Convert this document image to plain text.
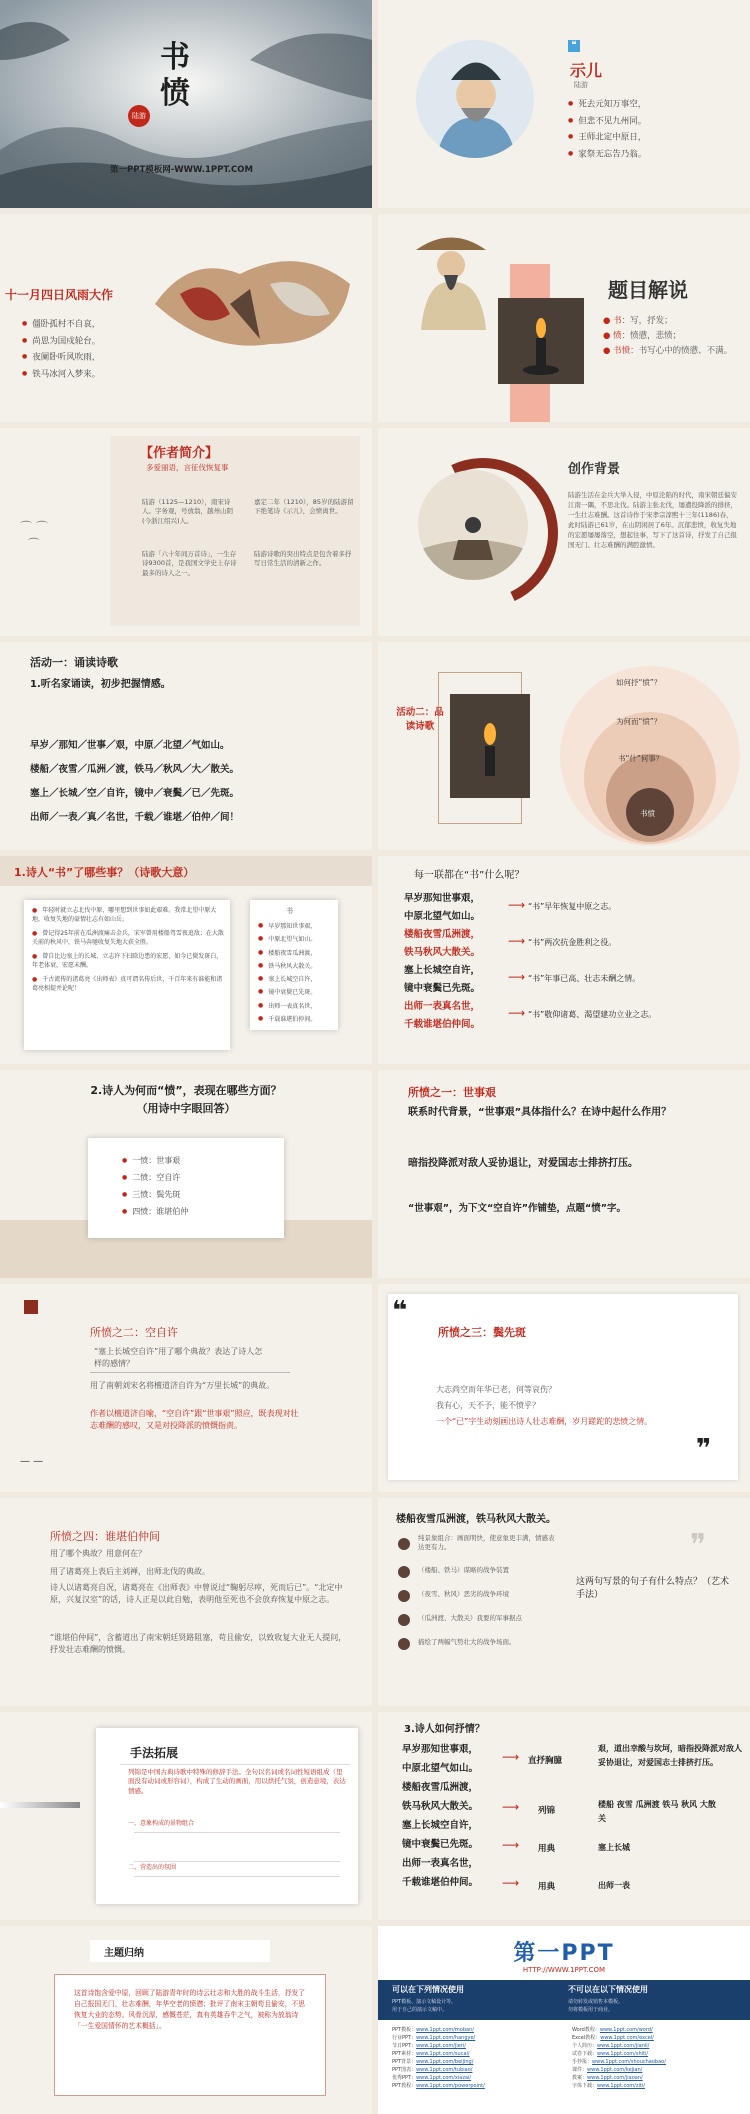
书愤
陆游
第一PPT模板网-WWW.1PPT.COM
❝
示儿
陆游
● 死去元知万事空，
● 但悲不见九州同。
● 王师北定中原日，
● 家祭无忘告乃翁。
十一月四日风雨大作
● 僵卧孤村不自哀，
● 尚思为国戍轮台。
● 夜阑卧听风吹雨，
● 铁马冰河入梦来。
题目解说
● 书：写，抒发；
● 愤：愤懑，悲愤；
● 书愤：书写心中的愤懑、不满。
⌒ ⌒
⌒
【作者简介】
多爱丽语，言征伐恢复事
陆游（1125—1210），南宋诗人。字务观，号放翁，越州山阴(今浙江绍兴)人。
嘉定二年（1210），85岁的陆游留下绝笔诗《示儿》，会愤离世。
陆游「六十年间万首诗」，一生存诗9300首，是我国文学史上存诗最多的诗人之一。
陆游诗歌的突出特点是包含着多抒写日常生活的清新之作。
创作背景
陆游生活在金兵大举入侵，中原沦陷的时代，南宋朝廷偏安江南一隅，不思北伐。陆游主张北伐，屡遭投降派的排挤，一生壮志难酬。这首诗作于宋孝宗淳熙十三年(1186)春，此时陆游已61岁，在山阴闲居了6年。沉郁悲愤，收复失地的宏愿屡屡落空，想起往事，写下了这首诗，抒发了自己报国无门、壮志难酬的满腔激愤。
活动一：诵读诗歌
1.听名家诵读，初步把握情感。
早岁／那知／世事／艰，中原／北望／气如山。
楼船／夜雪／瓜洲／渡，铁马／秋风／大／散关。
塞上／长城／空／自许，镜中／衰鬓／已／先斑。
出师／一表／真／名世，千载／谁堪／伯仲／间！
活动二：品读诗歌
如何抒“愤”？
为何而“愤”？
书“什”何事？
书愤
1.诗人“书”了哪些事？（诗歌大意）
● 年轻时就立志北伐中原，哪里想到世事如此艰难。我常北望中原大地，收复失地的豪情壮志有如山岳。
● 曾记得25年前在瓜洲渡痛击金兵，宋军曾用楼船驾雪夜追敌；在大散关前的秋风中，铁马奔驰收复失地大获全胜。
● 曾自比边塞上的长城，立志许下扫除边患的宏愿，如今已鬓发斑白，年老体衰，宏愿未酬。
● 千古流传的诸葛亮《出师表》真可谓名传后世，千百年来有谁能和诸葛亮相提并论呢！
书
● 早岁那知世事艰，
● 中原北望气如山。
● 楼船夜雪瓜洲渡，
● 铁马秋风大散关。
● 塞上长城空自许，
● 镜中衰鬓已先斑。
● 出师一表真名世，
● 千载谁堪伯仲间。
每一联都在“书”什么呢？
早岁那知世事艰，
中原北望气如山。
楼船夜雪瓜洲渡，
铁马秋风大散关。
塞上长城空自许，
镜中衰鬓已先斑。
出师一表真名世，
千载谁堪伯仲间。
⟶
⟶
⟶
⟶
“书”早年恢复中原之志。
“书”两次抗金胜利之役。
“书”年事已高、壮志未酬之情。
“书”敬仰诸葛、渴望建功立业之志。
2.诗人为何而“愤”，表现在哪些方面？
（用诗中字眼回答）
● 一愤：世事艰
● 二愤：空自许
● 三愤：鬓先斑
● 四愤：谁堪伯仲
所愤之一：世事艰
联系时代背景，“世事艰”具体指什么？在诗中起什么作用？
暗指投降派对敌人妥协退让，对爱国志士排挤打压。
“世事艰”，为下文“空自许”作铺垫，点题“愤”字。
所愤之二：空自许
“塞上长城空自许”用了哪个典故？表达了诗人怎样的感情？
用了南朝刘宋名将檀道济自许为“万里长城”的典故。
作者以檀道济自喻，“空自许”跟“世事艰”照应，既表现对壮志难酬的感叹，又是对投降派的愤慨指责。
— —
❝
所愤之三：鬓先斑
大志尚空而年华已老，何等哀伤？
我有心，天不予，能不愤乎？
一个“已”字生动刻画出诗人壮志难酬，岁月蹉跎的悲愤之情。
❞
所愤之四：谁堪伯仲间
用了哪个典故？用意何在？
用了诸葛亮上表后主刘禅，出师北伐的典故。
诗人以诸葛亮自况，诸葛亮在《出师表》中曾说过“鞠躬尽瘁，死而后已”。“北定中原，兴复汉室”的话，诗人正是以此自勉，表明他至死也不会放弃恢复中原之志。
“谁堪伯仲间”，含蓄道出了南宋朝廷贤路阻塞，苟且偷安，以致收复大业无人提问，抒发壮志难酬的愤慨。
楼船夜雪瓜洲渡，铁马秋风大散关。
纯景象组合：画面明快，使意象更丰满，情感表达更有力。
（楼船、铁马）谋略的战争装置
（夜雪、秋风）恶劣的战争环境
（瓜洲渡、大散关）我要的军事据点
描绘了两幅气势壮大的战争场面。
❞
这两句写景的句子有什么特点？（艺术手法）
手法拓展
列锦是中国古典诗歌中特殊的修辞手法。全句以名词或名词性短语组成（里面没有动词或形容词），构成了生动的画面，用以烘托气氛，创造意境，表达情感。
一、意象构成的景物组合
二、营造出的氛围
3.诗人如何抒情？
早岁那知世事艰，
中原北望气如山。
楼船夜雪瓜洲渡，
铁马秋风大散关。
塞上长城空自许，
镜中衰鬓已先斑。
出师一表真名世，
千载谁堪伯仲间。
⟶ 直抒胸臆
⟶ 列锦
⟶ 用典
⟶ 用典
艰，道出幸酸与坎坷，暗指投降派对敌人妥协退让，对爱国志士排挤打压。
楼船 夜雪 瓜洲渡 铁马 秋风 大散关
塞上长城
出师一表
主题归纳
这首诗饱含爱中原，回顾了陆游青年时的诗云壮志和大胜的战斗生活，抒发了自己报国无门，壮志难酬，年华空老的愤懑；批评了南宋主朝苟且偷安，不思恢复大业的态势。风骨沉厚，感慨苍茫，真有英雄吞牛之气，被称为放翁诗「一生爱国情怀的艺术概括」。
第一PPT
HTTP://WWW.1PPT.COM
可以在下列情况使用
PPT模板、演示文稿设计等。
用于自己的演示文稿中。
不可以在以下情况使用
请勿转发或销售本模板。
勿将模板用于商业。
PPT模板：www.1ppt.com/moban/
行业PPT：www.1ppt.com/hangye/
节日PPT：www.1ppt.com/jieri/
PPT素材：www.1ppt.com/sucai/
PPT背景：www.1ppt.com/beijing/
PPT图表：www.1ppt.com/tubiao/
优秀PPT：www.1ppt.com/xiazai/
PPT教程：www.1ppt.com/powerpoint/
Word教程：www.1ppt.com/word/
Excel教程：www.1ppt.com/excel/
个人简历：www.1ppt.com/jianli/
试卷下载：www.1ppt.com/shiti/
手抄报：www.1ppt.com/shouchaobao/
课件：www.1ppt.com/kejian/
教案：www.1ppt.com/jiaoan/
字体下载：www.1ppt.com/ziti/
